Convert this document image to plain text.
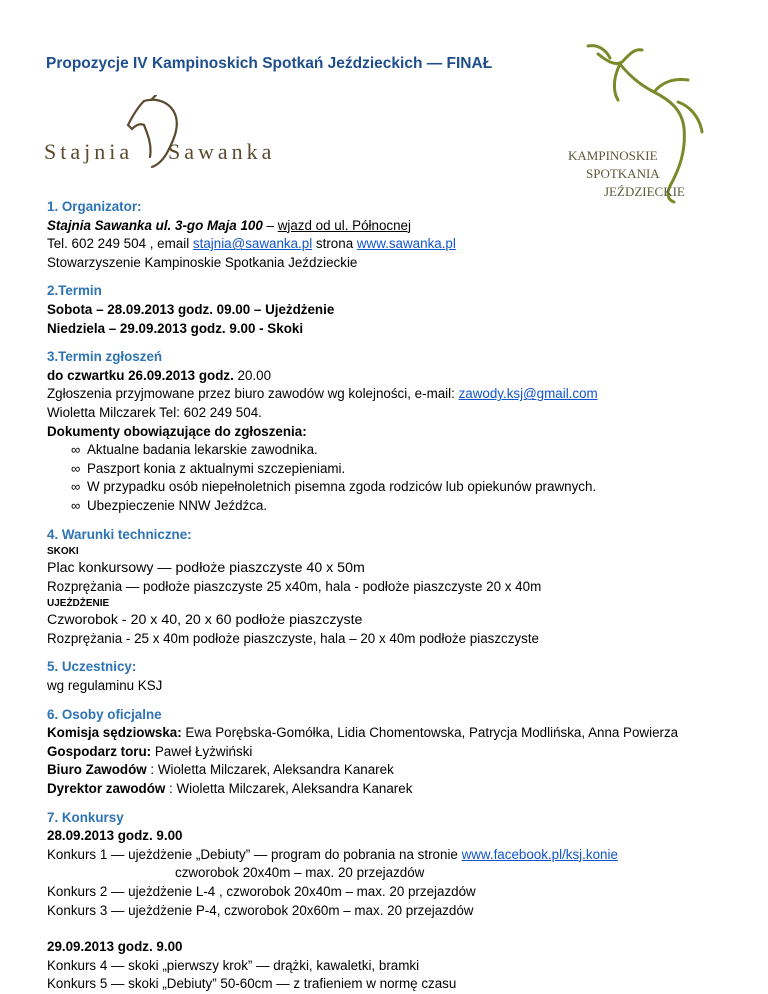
Propozycje IV Kampinoskich Spotkań Jeździeckich — FINAŁ
Stajnia Sawanka	KAMPINOSKIE
SPOTKANIA
JEŹDZIECKIE
1. Organizator:
Stajnia Sawanka ul. 3-go Maja 100 – wjazd od ul. Północnej
Tel. 602 249 504 , email stajnia@sawanka.pl strona www.sawanka.pl
Stowarzyszenie Kampinoskie Spotkania Jeździeckie
2.Termin
Sobota – 28.09.2013 godz. 09.00 – Ujeżdżenie
Niedziela – 29.09.2013 godz. 9.00 - Skoki
3.Termin zgłoszeń
do czwartku 26.09.2013 godz. 20.00
Zgłoszenia przyjmowane przez biuro zawodów wg kolejności, e-mail: zawody.ksj@gmail.com
Wioletta Milczarek Tel: 602 249 504.
Dokumenty obowiązujące do zgłoszenia:
∞ Aktualne badania lekarskie zawodnika.
∞ Paszport konia z aktualnymi szczepieniami.
∞ W przypadku osób niepełnoletnich pisemna zgoda rodziców lub opiekunów prawnych.
∞ Ubezpieczenie NNW Jeźdźca.
4. Warunki techniczne:
SKOKI
Plac konkursowy — podłoże piaszczyste 40 x 50m
Rozprężania — podłoże piaszczyste 25 x40m, hala - podłoże piaszczyste 20 x 40m
UJEŻDŻENIE
Czworobok - 20 x 40, 20 x 60 podłoże piaszczyste
Rozprężania - 25 x 40m podłoże piaszczyste, hala – 20 x 40m podłoże piaszczyste
5. Uczestnicy:
wg regulaminu KSJ
6. Osoby oficjalne
Komisja sędziowska: Ewa Porębska-Gomółka, Lidia Chomentowska, Patrycja Modlińska, Anna Powierza
Gospodarz toru: Paweł Łyżwiński
Biuro Zawodów : Wioletta Milczarek, Aleksandra Kanarek
Dyrektor zawodów : Wioletta Milczarek, Aleksandra Kanarek
7. Konkursy
28.09.2013 godz. 9.00
Konkurs 1 — ujeżdżenie „Debiuty” — program do pobrania na stronie www.facebook.pl/ksj.konie
czworobok 20x40m – max. 20 przejazdów
Konkurs 2 — ujeżdżenie L-4 , czworobok 20x40m – max. 20 przejazdów
Konkurs 3 — ujeżdżenie P-4, czworobok 20x60m – max. 20 przejazdów
29.09.2013 godz. 9.00
Konkurs 4 — skoki „pierwszy krok” — drążki, kawaletki, bramki
Konkurs 5 — skoki „Debiuty” 50-60cm — z trafieniem w normę czasu
